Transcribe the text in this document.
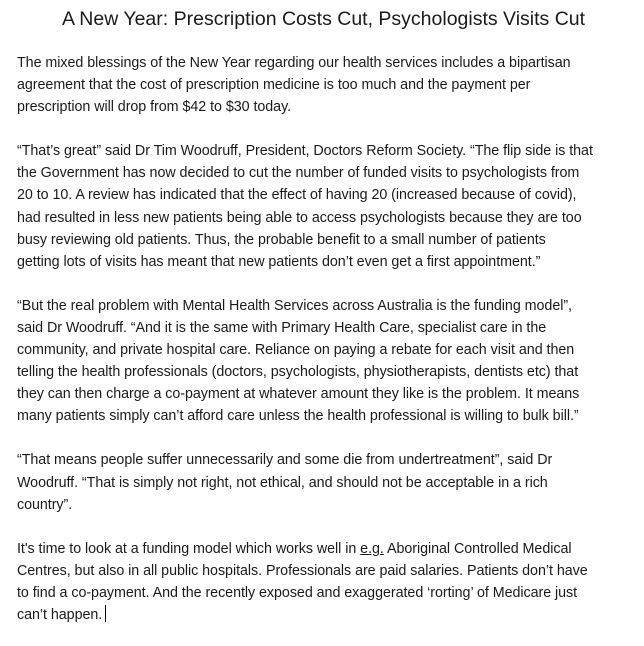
A New Year: Prescription Costs Cut, Psychologists Visits Cut

The mixed blessings of the New Year regarding our health services includes a bipartisan
agreement that the cost of prescription medicine is too much and the payment per
prescription will drop from $42 to $30 today.

“That’s great” said Dr Tim Woodruff, President, Doctors Reform Society. “The flip side is that
the Government has now decided to cut the number of funded visits to psychologists from
20 to 10. A review has indicated that the effect of having 20 (increased because of covid),
had resulted in less new patients being able to access psychologists because they are too
busy reviewing old patients. Thus, the probable benefit to a small number of patients
getting lots of visits has meant that new patients don’t even get a first appointment.”

“But the real problem with Mental Health Services across Australia is the funding model”,
said Dr Woodruff. “And it is the same with Primary Health Care, specialist care in the
community, and private hospital care. Reliance on paying a rebate for each visit and then
telling the health professionals (doctors, psychologists, physiotherapists, dentists etc) that
they can then charge a co-payment at whatever amount they like is the problem. It means
many patients simply can’t afford care unless the health professional is willing to bulk bill.”

“That means people suffer unnecessarily and some die from undertreatment”, said Dr
Woodruff. “That is simply not right, not ethical, and should not be acceptable in a rich
country”.

It's time to look at a funding model which works well in e.g. Aboriginal Controlled Medical
Centres, but also in all public hospitals. Professionals are paid salaries. Patients don’t have
to find a co-payment. And the recently exposed and exaggerated ‘rorting’ of Medicare just
can’t happen.
